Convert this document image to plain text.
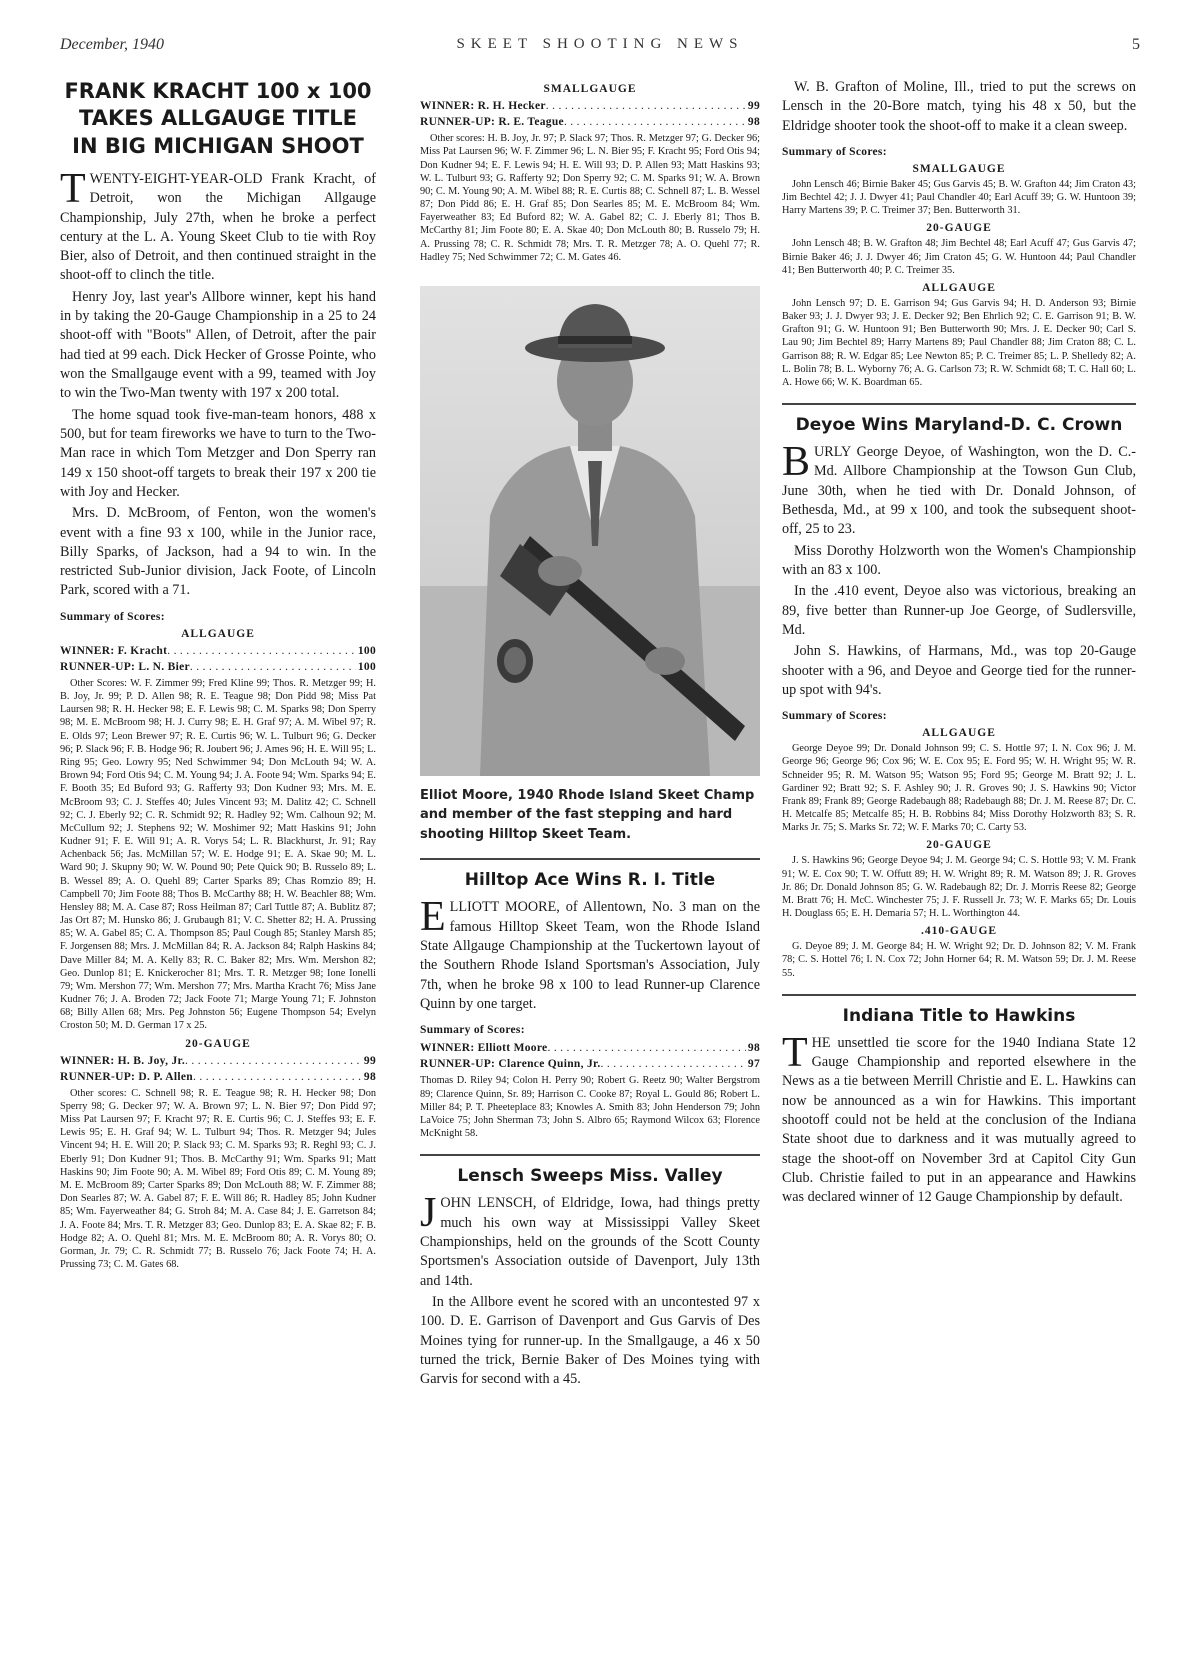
December, 1940	SKEET SHOOTING NEWS	5
FRANK KRACHT 100 x 100
TAKES ALLGAUGE TITLE
IN BIG MICHIGAN SHOOT

TWENTY-EIGHT-YEAR-OLD Frank Kracht, of Detroit, won the Michigan Allgauge Championship, July 27th, when he broke a perfect century at the L. A. Young Skeet Club to tie with Roy Bier, also of Detroit, and then continued straight in the shoot-off to clinch the title.

Henry Joy, last year's Allbore winner, kept his hand in by taking the 20-Gauge Championship in a 25 to 24 shoot-off with "Boots" Allen, of Detroit, after the pair had tied at 99 each. Dick Hecker of Grosse Pointe, who won the Smallgauge event with a 99, teamed with Joy to win the Two-Man twenty with 197 x 200 total.

The home squad took five-man-team honors, 488 x 500, but for team fireworks we have to turn to the Two-Man race in which Tom Metzger and Don Sperry ran 149 x 150 shoot-off targets to break their 197 x 200 tie with Joy and Hecker.

Mrs. D. McBroom, of Fenton, won the women's event with a fine 93 x 100, while in the Junior race, Billy Sparks, of Jackson, had a 94 to win. In the restricted Sub-Junior division, Jack Foote, of Lincoln Park, scored with a 71.

Summary of Scores:
ALLGAUGE
WINNER: F. Kracht . . .	100
RUNNER-UP: L. N. Bier . . .	100

Other Scores: W. F. Zimmer 99; Fred Kline 99; Thos. R. Metzger 99; H. B. Joy, Jr. 99; P. D. Allen 98; R. E. Teague 98; Don Pidd 98; Miss Pat Laursen 98; R. H. Hecker 98; E. F. Lewis 98; C. M. Sparks 98; Don Sperry 98; M. E. McBroom 98; H. J. Curry 98; E. H. Graf 97; A. M. Wibel 97; R. E. Olds 97; Leon Brewer 97; R. E. Curtis 96; W. L. Tulburt 96; G. Decker 96; P. Slack 96; F. B. Hodge 96; R. Joubert 96; J. Ames 96; H. E. Will 95; L. Ring 95; Geo. Lowry 95; Ned Schwimmer 94; Don McLouth 94; W. A. Brown 94; Ford Otis 94; C. M. Young 94; J. A. Foote 94; Wm. Sparks 94; E. F. Booth 35; Ed Buford 93; G. Rafferty 93; Don Kudner 93; Mrs. M. E. McBroom 93; C. J. Steffes 40; Jules Vincent 93; M. Dalitz 42; C. Schnell 92; C. J. Eberly 92; C. R. Schmidt 92; R. Hadley 92; Wm. Calhoun 92; M. McCullum 92; J. Stephens 92; W. Moshimer 92; Matt Haskins 91; John Kudner 91; F. E. Will 91; A. R. Vorys 54; L. R. Blackhurst, Jr. 91; Ray Achenback 56; Jas. McMillan 57; W. E. Hodge 91; E. A. Skae 90; M. L. Ward 90; J. Skupny 90; W. W. Pound 90; Pete Quick 90; B. Russelo 89; L. B. Wessel 89; A. O. Quehl 89; Carter Sparks 89; Chas Romzio 89; H. Campbell 70; Jim Foote 88; Thos B. McCarthy 88; H. W. Beachler 88; Wm. Hensley 88; M. A. Case 87; Ross Heilman 87; Carl Tuttle 87; A. Bublitz 87; Jas Ort 87; M. Hunsko 86; J. Grubaugh 81; V. C. Shetter 82; H. A. Prussing 85; W. A. Gabel 85; C. A. Thompson 85; Paul Cough 85; Stanley Marsh 85; F. Jorgensen 88; Mrs. J. McMillan 84; R. A. Jackson 84; Ralph Haskins 84; Dave Miller 84; M. A. Kelly 83; R. C. Baker 82; Mrs. Wm. Mershon 82; Geo. Dunlop 81; E. Knickerocher 81; Mrs. T. R. Metzger 98; Ione Ionelli 79; Wm. Mershon 77; Wm. Mershon 77; Mrs. Martha Kracht 76; Miss Jane Kudner 76; J. A. Broden 72; Jack Foote 71; Marge Young 71; F. Johnston 68; Billy Allen 68; Mrs. Peg Johnston 56; Eugene Thompson 54; Evelyn Croston 50; M. D. German 17 x 25.

20-GAUGE
WINNER: H. B. Joy, Jr. . . .	99
RUNNER-UP: D. P. Allen . . .	98

Other scores: C. Schnell 98; R. E. Teague 98; R. H. Hecker 98; Don Sperry 98; G. Decker 97; W. A. Brown 97; L. N. Bier 97; Don Pidd 97; Miss Pat Laursen 97; F. Kracht 97; R. E. Curtis 96; C. J. Steffes 93; E. F. Lewis 95; E. H. Graf 94; W. L. Tulburt 94; Thos. R. Metzger 94; Jules Vincent 94; H. E. Will 20; P. Slack 93; C. M. Sparks 93; R. Reghl 93; C. J. Eberly 91; Don Kudner 91; Thos. B. McCarthy 91; Wm. Sparks 91; Matt Haskins 90; Jim Foote 90; A. M. Wibel 89; Ford Otis 89; C. M. Young 89; M. E. McBroom 89; Carter Sparks 89; Don McLouth 88; W. F. Zimmer 88; Don Searles 87; W. A. Gabel 87; F. E. Will 86; R. Hadley 85; John Kudner 85; Wm. Fayerweather 84; G. Stroh 84; M. A. Case 84; J. E. Garretson 84; J. A. Foote 84; Mrs. T. R. Metzger 83; Geo. Dunlop 83; E. A. Skae 82; F. B. Hodge 82; A. O. Quehl 81; Mrs. M. E. McBroom 80; A. R. Vorys 80; O. Gorman, Jr. 79; C. R. Schmidt 77; B. Russelo 76; Jack Foote 74; H. A. Prussing 73; C. M. Gates 68.

SMALLGAUGE
WINNER: R. H. Hecker . . .	99
RUNNER-UP: R. E. Teague . . .	98

Other scores: H. B. Joy, Jr. 97; P. Slack 97; Thos. R. Metzger 97; G. Decker 96; Miss Pat Laursen 96; W. F. Zimmer 96; L. N. Bier 95; F. Kracht 95; Ford Otis 94; Don Kudner 94; E. F. Lewis 94; H. E. Will 93; D. P. Allen 93; Matt Haskins 93; W. L. Tulburt 93; G. Rafferty 92; Don Sperry 92; C. M. Sparks 91; W. A. Brown 90; C. M. Young 90; A. M. Wibel 88; R. E. Curtis 88; C. Schnell 87; L. B. Wessel 87; Don Pidd 86; E. H. Graf 85; Don Searles 85; M. E. McBroom 84; Wm. Fayerweather 83; Ed Buford 82; W. A. Gabel 82; C. J. Eberly 81; Thos B. McCarthy 81; Jim Foote 80; E. A. Skae 40; Don McLouth 80; B. Russelo 79; H. A. Prussing 78; C. R. Schmidt 78; Mrs. T. R. Metzger 78; A. O. Quehl 77; R. Hadley 75; Ned Schwimmer 72; C. M. Gates 46.

Elliot Moore, 1940 Rhode Island Skeet Champ and member of the fast stepping and hard shooting Hilltop Skeet Team.
Hilltop Ace Wins R. I. Title

ELLIOTT MOORE, of Allentown, No. 3 man on the famous Hilltop Skeet Team, won the Rhode Island State Allgauge Championship at the Tuckertown layout of the Southern Rhode Island Sportsman's Association, July 7th, when he broke 98 x 100 to lead Runner-up Clarence Quinn by one target.

Summary of Scores:
WINNER: Elliott Moore . . .	98
RUNNER-UP: Clarence Quinn, Jr. . . .	97

Thomas D. Riley 94; Colon H. Perry 90; Robert G. Reetz 90; Walter Bergstrom 89; Clarence Quinn, Sr. 89; Harrison C. Cooke 87; Royal L. Gould 86; Robert L. Miller 84; P. T. Pheeteplace 83; Knowles A. Smith 83; John Henderson 79; John LaVoice 75; John Sherman 73; John S. Albro 65; Raymond Wilcox 63; Florence McKnight 58.

Lensch Sweeps Miss. Valley

JOHN LENSCH, of Eldridge, Iowa, had things pretty much his own way at Mississippi Valley Skeet Championships, held on the grounds of the Scott County Sportsmen's Association outside of Davenport, July 13th and 14th.

In the Allbore event he scored with an uncontested 97 x 100. D. E. Garrison of Davenport and Gus Garvis of Des Moines tying for runner-up. In the Smallgauge, a 46 x 50 turned the trick, Bernie Baker of Des Moines tying with Garvis for second with a 45.

W. B. Grafton of Moline, Ill., tried to put the screws on Lensch in the 20-Bore match, tying his 48 x 50, but the Eldridge shooter took the shoot-off to make it a clean sweep.

Summary of Scores:
SMALLGAUGE

John Lensch 46; Birnie Baker 45; Gus Garvis 45; B. W. Grafton 44; Jim Craton 43; Jim Bechtel 42; J. J. Dwyer 41; Paul Chandler 40; Earl Acuff 39; G. W. Huntoon 39; Harry Martens 39; P. C. Treimer 37; Ben. Butterworth 31.

20-GAUGE

John Lensch 48; B. W. Grafton 48; Jim Bechtel 48; Earl Acuff 47; Gus Garvis 47; Birnie Baker 46; J. J. Dwyer 46; Jim Craton 45; G. W. Huntoon 44; Paul Chandler 41; Ben Butterworth 40; P. C. Treimer 35.

ALLGAUGE

John Lensch 97; D. E. Garrison 94; Gus Garvis 94; H. D. Anderson 93; Birnie Baker 93; J. J. Dwyer 93; J. E. Decker 92; Ben Ehrlich 92; C. E. Garrison 91; B. W. Grafton 91; G. W. Huntoon 91; Ben Butterworth 90; Mrs. J. E. Decker 90; Carl S. Lau 90; Jim Bechtel 89; Harry Martens 89; Paul Chandler 88; Jim Craton 88; C. L. Garrison 88; R. W. Edgar 85; Lee Newton 85; P. C. Treimer 85; L. P. Shelledy 82; A. L. Bolin 78; B. L. Wyborny 76; A. G. Carlson 73; R. W. Schmidt 68; T. C. Hall 60; L. A. Howe 66; W. K. Boardman 65.

Deyoe Wins Maryland-D. C. Crown

BURLY George Deyoe, of Washington, won the D. C.-Md. Allbore Championship at the Towson Gun Club, June 30th, when he tied with Dr. Donald Johnson, of Bethesda, Md., at 99 x 100, and took the subsequent shoot-off, 25 to 23.

Miss Dorothy Holzworth won the Women's Championship with an 83 x 100.

In the .410 event, Deyoe also was victorious, breaking an 89, five better than Runner-up Joe George, of Sudlersville, Md.

John S. Hawkins, of Harmans, Md., was top 20-Gauge shooter with a 96, and Deyoe and George tied for the runner-up spot with 94's.

Summary of Scores:
ALLGAUGE

George Deyoe 99; Dr. Donald Johnson 99; C. S. Hottle 97; I. N. Cox 96; J. M. George 96; George 96; Cox 96; W. E. Cox 95; E. Ford 95; W. H. Wright 95; W. R. Schneider 95; R. M. Watson 95; Watson 95; Ford 95; George M. Bratt 92; J. L. Gardiner 92; Bratt 92; S. F. Ashley 90; J. R. Groves 90; J. S. Hawkins 90; Victor Frank 89; Frank 89; George Radebaugh 88; Radebaugh 88; Dr. J. M. Reese 87; Dr. C. H. Metcalfe 85; Metcalfe 85; H. B. Robbins 84; Miss Dorothy Holzworth 83; S. R. Marks Jr. 75; S. Marks Sr. 72; W. F. Marks 70; C. Carty 53.

20-GAUGE

J. S. Hawkins 96; George Deyoe 94; J. M. George 94; C. S. Hottle 93; V. M. Frank 91; W. E. Cox 90; T. W. Offutt 89; H. W. Wright 89; R. M. Watson 89; J. R. Groves Jr. 86; Dr. Donald Johnson 85; G. W. Radebaugh 82; Dr. J. Morris Reese 82; George M. Bratt 76; H. McC. Winchester 75; J. F. Russell Jr. 73; W. F. Marks 65; Dr. Louis H. Douglass 65; E. H. Demaria 57; H. L. Worthington 44.

.410-GAUGE

G. Deyoe 89; J. M. George 84; H. W. Wright 92; Dr. D. Johnson 82; V. M. Frank 78; C. S. Hottel 76; I. N. Cox 72; John Horner 64; R. M. Watson 59; Dr. J. M. Reese 55.

Indiana Title to Hawkins

THE unsettled tie score for the 1940 Indiana State 12 Gauge Championship and reported elsewhere in the News as a tie between Merrill Christie and E. L. Hawkins can now be announced as a win for Hawkins. This important shootoff could not be held at the conclusion of the Indiana State shoot due to darkness and it was mutually agreed to stage the shoot-off on November 3rd at Capitol City Gun Club. Christie failed to put in an appearance and Hawkins was declared winner of 12 Gauge Championship by default.
